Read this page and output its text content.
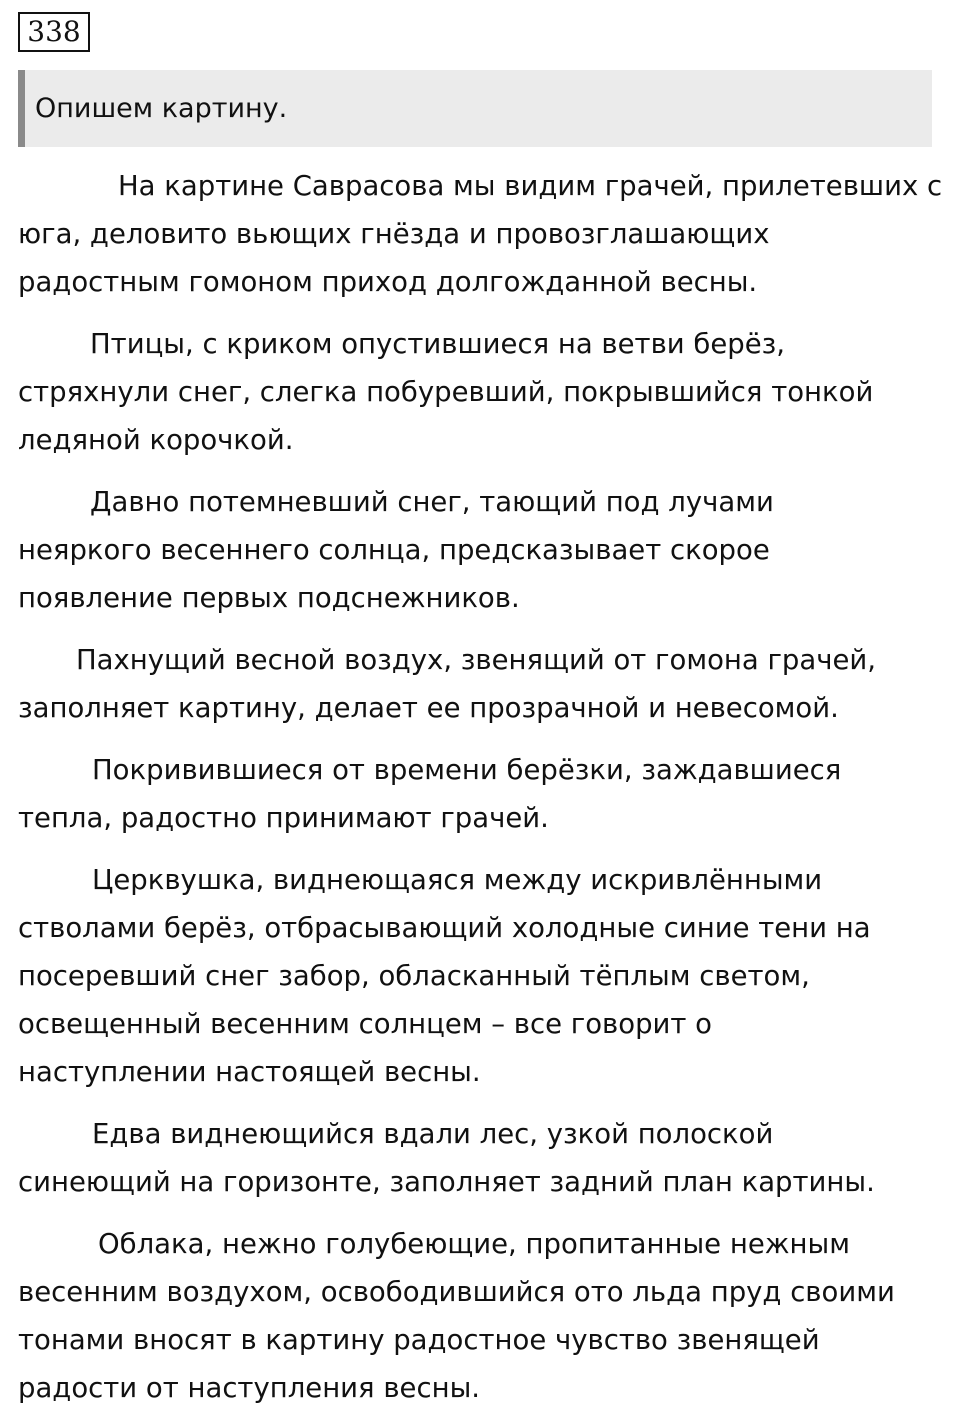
338
Опишем картину.
На картине Саврасова мы видим грачей, прилетевших с
юга, деловито вьющих гнёзда и провозглашающих
радостным гомоном приход долгожданной весны.
Птицы, с криком опустившиеся на ветви берёз,
стряхнули снег, слегка побуревший, покрывшийся тонкой
ледяной корочкой.
Давно потемневший снег, тающий под лучами
неяркого весеннего солнца, предсказывает скорое
появление первых подснежников.
Пахнущий весной воздух, звенящий от гомона грачей,
заполняет картину, делает ее прозрачной и невесомой.
Покривившиеся от времени берёзки, заждавшиеся
тепла, радостно принимают грачей.
Церквушка, виднеющаяся между искривлёнными
стволами берёз, отбрасывающий холодные синие тени на
посеревший снег забор, обласканный тёплым светом,
освещенный весенним солнцем – все говорит о
наступлении настоящей весны.
Едва виднеющийся вдали лес, узкой полоской
синеющий на горизонте, заполняет задний план картины.
Облака, нежно голубеющие, пропитанные нежным
весенним воздухом, освободившийся ото льда пруд своими
тонами вносят в картину радостное чувство звенящей
радости от наступления весны.
